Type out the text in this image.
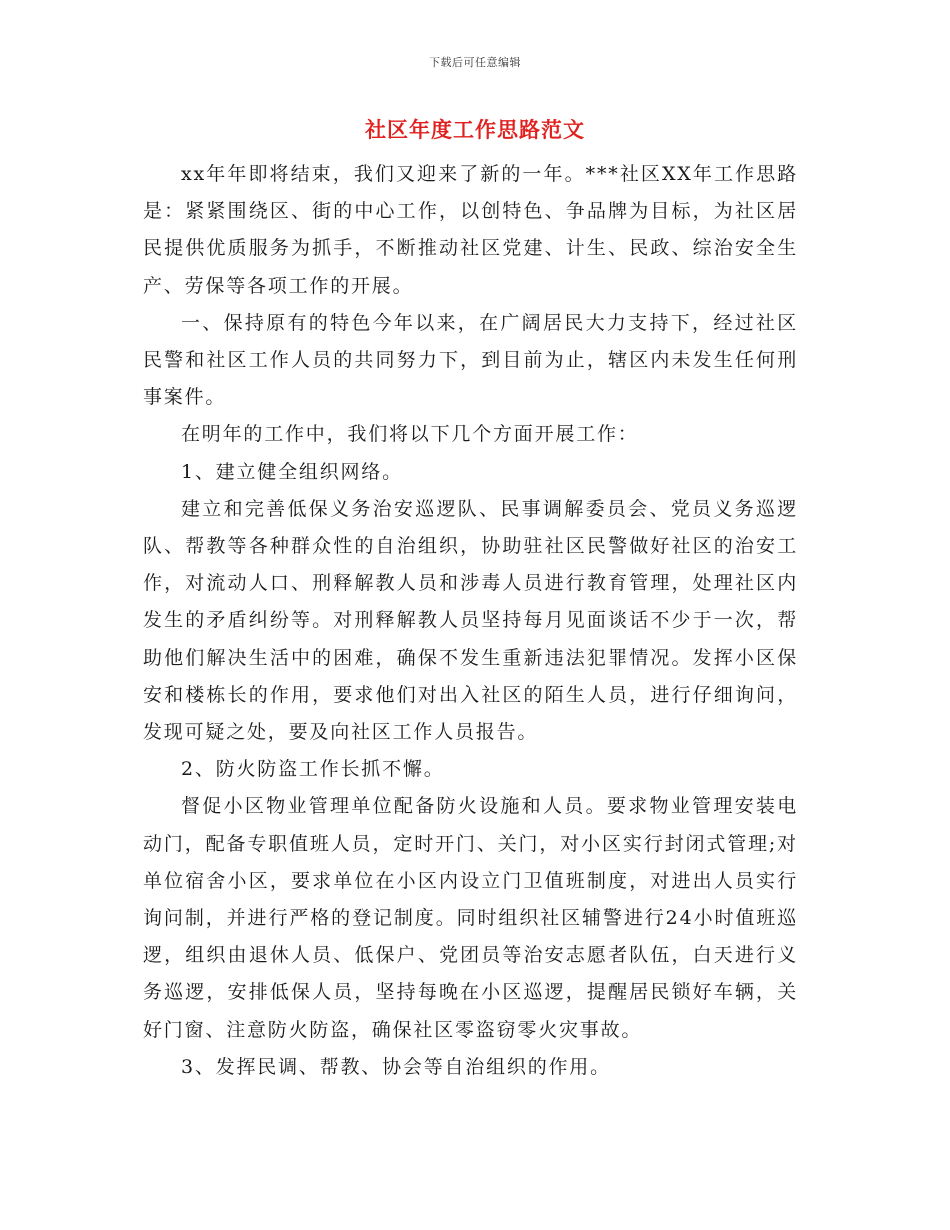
下载后可任意编辑
社区年度工作思路范文

xx年年即将结束，我们又迎来了新的一年。***社区XX年工作思路是：紧紧围绕区、街的中心工作，以创特色、争品牌为目标，为社区居民提供优质服务为抓手，不断推动社区党建、计生、民政、综治安全生产、劳保等各项工作的开展。

一、保持原有的特色今年以来，在广阔居民大力支持下，经过社区民警和社区工作人员的共同努力下，到目前为止，辖区内未发生任何刑事案件。

在明年的工作中，我们将以下几个方面开展工作：

1、建立健全组织网络。

建立和完善低保义务治安巡逻队、民事调解委员会、党员义务巡逻队、帮教等各种群众性的自治组织，协助驻社区民警做好社区的治安工作，对流动人口、刑释解教人员和涉毒人员进行教育管理，处理社区内发生的矛盾纠纷等。对刑释解教人员坚持每月见面谈话不少于一次，帮助他们解决生活中的困难，确保不发生重新违法犯罪情况。发挥小区保安和楼栋长的作用，要求他们对出入社区的陌生人员，进行仔细询问，发现可疑之处，要及向社区工作人员报告。

2、防火防盗工作长抓不懈。

督促小区物业管理单位配备防火设施和人员。要求物业管理安装电动门，配备专职值班人员，定时开门、关门，对小区实行封闭式管理;对单位宿舍小区，要求单位在小区内设立门卫值班制度，对进出人员实行询问制，并进行严格的登记制度。同时组织社区辅警进行24小时值班巡逻，组织由退休人员、低保户、党团员等治安志愿者队伍，白天进行义务巡逻，安排低保人员，坚持每晚在小区巡逻，提醒居民锁好车辆，关好门窗、注意防火防盗，确保社区零盗窃零火灾事故。

3、发挥民调、帮教、协会等自治组织的作用。
